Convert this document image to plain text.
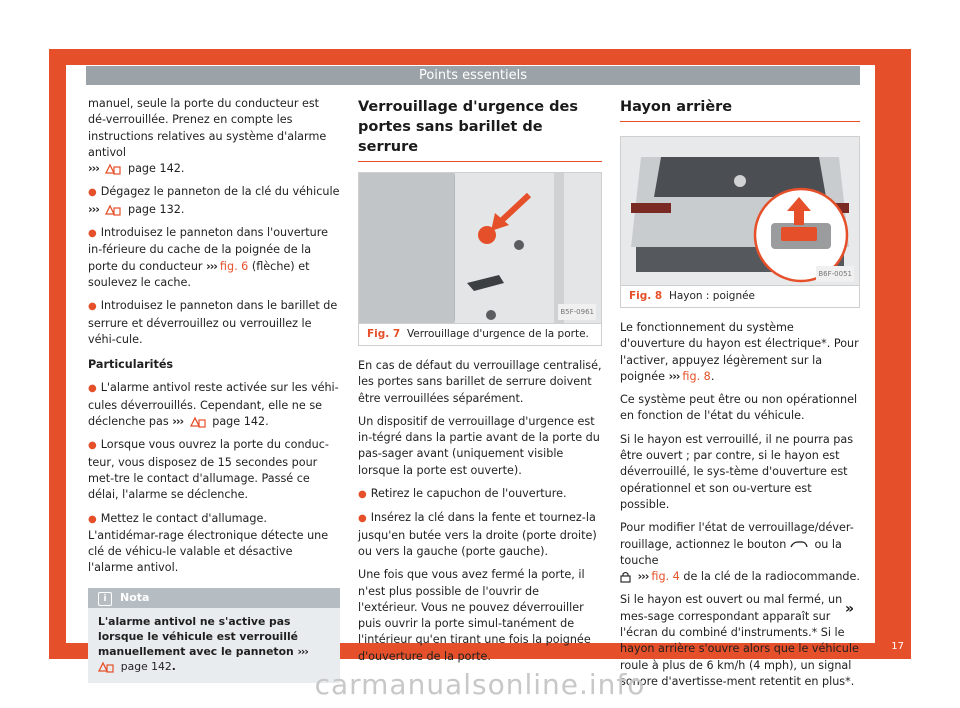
Points essentiels

manuel, seule la porte du conducteur est dé-verrouillée. Prenez en compte les instructions relatives au système d'alarme antivol
›››	page 142.

● Dégagez le panneton de la clé du véhicule
›››	page 132.

● Introduisez le panneton dans l'ouverture in-férieure du cache de la poignée de la porte du conducteur ››› fig. 6 (flèche) et soulevez le cache.

● Introduisez le panneton dans le barillet de serrure et déverrouillez ou verrouillez le véhi-cule.

Particularités

● L'alarme antivol reste activée sur les véhi-cules déverrouillés. Cependant, elle ne se déclenche pas ›››	page 142.

● Lorsque vous ouvrez la porte du conduc-teur, vous disposez de 15 secondes pour met-tre le contact d'allumage. Passé ce délai, l'alarme se déclenche.

● Mettez le contact d'allumage. L'antidémar-rage électronique détecte une clé de véhicu-le valable et désactive l'alarme antivol.

i Nota
L'alarme antivol ne s'active pas lorsque le véhicule est verrouillé manuellement avec le panneton ›››  page 142.
Verrouillage d'urgence des portes sans barillet de serrure
B5F-0961
Fig. 7 Verrouillage d'urgence de la porte.

En cas de défaut du verrouillage centralisé, les portes sans barillet de serrure doivent être verrouillées séparément.

Un dispositif de verrouillage d'urgence est in-tégré dans la partie avant de la porte du pas-sager avant (uniquement visible lorsque la porte est ouverte).

● Retirez le capuchon de l'ouverture.

● Insérez la clé dans la fente et tournez-la jusqu'en butée vers la droite (porte droite) ou vers la gauche (porte gauche).

Une fois que vous avez fermé la porte, il n'est plus possible de l'ouvrir de l'extérieur. Vous ne pouvez déverrouiller puis ouvrir la porte simul-tanément de l'intérieur qu'en tirant une fois la poignée d'ouverture de la porte.

Hayon arrière
B6F-0051
Fig. 8 Hayon : poignée

Le fonctionnement du système d'ouverture du hayon est électrique*. Pour l'activer, appuyez légèrement sur la poignée ››› fig. 8.

Ce système peut être ou non opérationnel en fonction de l'état du véhicule.

Si le hayon est verrouillé, il ne pourra pas être ouvert ; par contre, si le hayon est déverrouillé, le sys-tème d'ouverture est opérationnel et son ou-verture est possible.

Pour modifier l'état de verrouillage/déver-rouillage, actionnez le bouton	ou la touche
››› fig. 4 de la clé de la radiocommande.

Si le hayon est ouvert ou mal fermé, un mes-sage correspondant apparaît sur l'écran du combiné d'instruments.* Si le hayon arrière s'ouvre alors que le véhicule roule à plus de 6 km/h (4 mph), un signal sonore d'avertisse-ment retentit en plus*.

»
17
carmanualsonline.info
